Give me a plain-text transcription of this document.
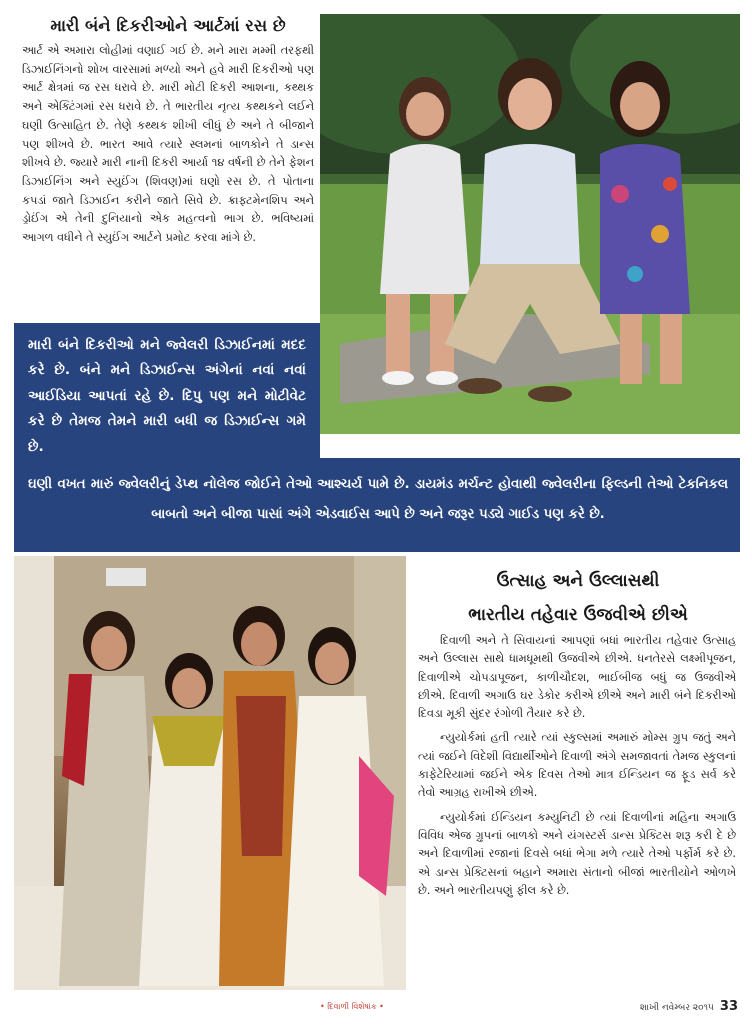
મારી બંને દિકરીઓને આર્ટમાં રસ છે
આર્ટ એ અમારા લોહીમાં વણાઈ ગઈ છે. મને મારા મમ્મી તરફથી ડિઝાઈનિંગનો શોખ વારસામાં મળ્યો અને હવે મારી દિકરીઓ પણ આર્ટ ક્ષેત્રમાં જ રસ ધરાવે છે. મારી મોટી દિકરી આશના, કથ્થક અને એક્ટિંગમાં રસ ધરાવે છે. તે ભારતીય નૃત્ય કથ્થકને લઈને ઘણી ઉત્સાહિત છે. તેણે કથ્થક શીખી લીધું છે અને તે બીજાને પણ શીખવે છે. ભારત આવે ત્યારે સ્લમનાં બાળકોને તે ડાન્સ શીખવે છે. જ્યારે મારી નાની દિકરી આર્યા ૧૪ વર્ષની છે તેને ફેશન ડિઝાઈનિંગ અને સ્યુઈંગ (શિવણ)માં ઘણો રસ છે. તે પોતાના કપડાં જાતે ડિઝાઈન કરીને જાતે સિવે છે. ક્રાફ્ટમેનશિપ અને ડ્રોઈંગ એ તેની દુનિયાનો એક મહત્વનો ભાગ છે. ભવિષ્યમાં આગળ વધીને તે સ્યુઈંગ આર્ટને પ્રમોટ કરવા માંગે છે.
મારી બંને દિકરીઓ મને જ્વેલરી ડિઝાઈનમાં મદદ કરે છે. બંને મને ડિઝાઈન્સ અંગેનાં નવાં નવાં આઈડિયા આપતાં રહે છે. દિપુ પણ મને મોટીવેટ કરે છે તેમજ તેમને મારી બધી જ ડિઝાઈન્સ ગમે છે.
ઘણી વખત મારું જ્વેલરીનું ડેપ્થ નોલેજ જોઈને તેઓ આશ્ચર્ય પામે છે. ડાયમંડ મર્ચન્ટ હોવાથી જ્વેલરીના ફિલ્ડની તેઓ ટેકનિકલ બાબતો અને બીજા પાસાં અંગે એડવાઈસ આપે છે અને જરૂર પડ્યે ગાઈડ પણ કરે છે.
ઉત્સાહ અને ઉલ્લાસથી
ભારતીય તહેવાર ઉજવીએ છીએ

દિવાળી અને તે સિવાયનાં આપણાં બધાં ભારતીય તહેવાર ઉત્સાહ અને ઉલ્લાસ સાથે ધામધૂમથી ઉજવીએ છીએ. ધનતેરસે લક્ષ્મીપૂજન, દિવાળીએ ચોપડાપૂજન, કાળીચૌદશ, ભાઈબીજ બધું જ ઉજવીએ છીએ. દિવાળી અગાઉ ઘર ડેકોર કરીએ છીએ અને મારી બંને દિકરીઓ દિવડા મૂકી સુંદર રંગોળી તૈયાર કરે છે.

ન્યુયોર્કમાં હતી ત્યારે ત્યાં સ્કુલ્સમાં અમારું મોમ્સ ગ્રુપ જતું અને ત્યાં જઈને વિદેશી વિદ્યાર્થીઓને દિવાળી અંગે સમજાવતાં તેમજ સ્કુલનાં કાફેટેરિયામાં જઈને એક દિવસ તેઓ માત્ર ઈન્ડિયન જ ફૂડ સર્વ કરે તેવો આગ્રહ રાખીએ છીએ.

ન્યુયોર્કમાં ઈન્ડિયન કમ્યુનિટી છે ત્યાં દિવાળીનાં મહિના અગાઉ વિવિધ એજ ગ્રુપનાં બાળકો અને યંગસ્ટર્સ ડાન્સ પ્રેક્ટિસ શરૂ કરી દે છે અને દિવાળીમાં રજાનાં દિવસે બધાં ભેગા મળે ત્યારે તેઓ પર્ફોર્મ કરે છે. એ ડાન્સ પ્રેક્ટિસનાં બહાને અમારા સંતાનો બીજાં ભારતીયોને ઓળખે છે. અને ભારતીયપણું ફીલ કરે છે.

• દિવાળી વિશેષાંક •	શાખી નવેમ્બર ૨૦૧૫ 33
